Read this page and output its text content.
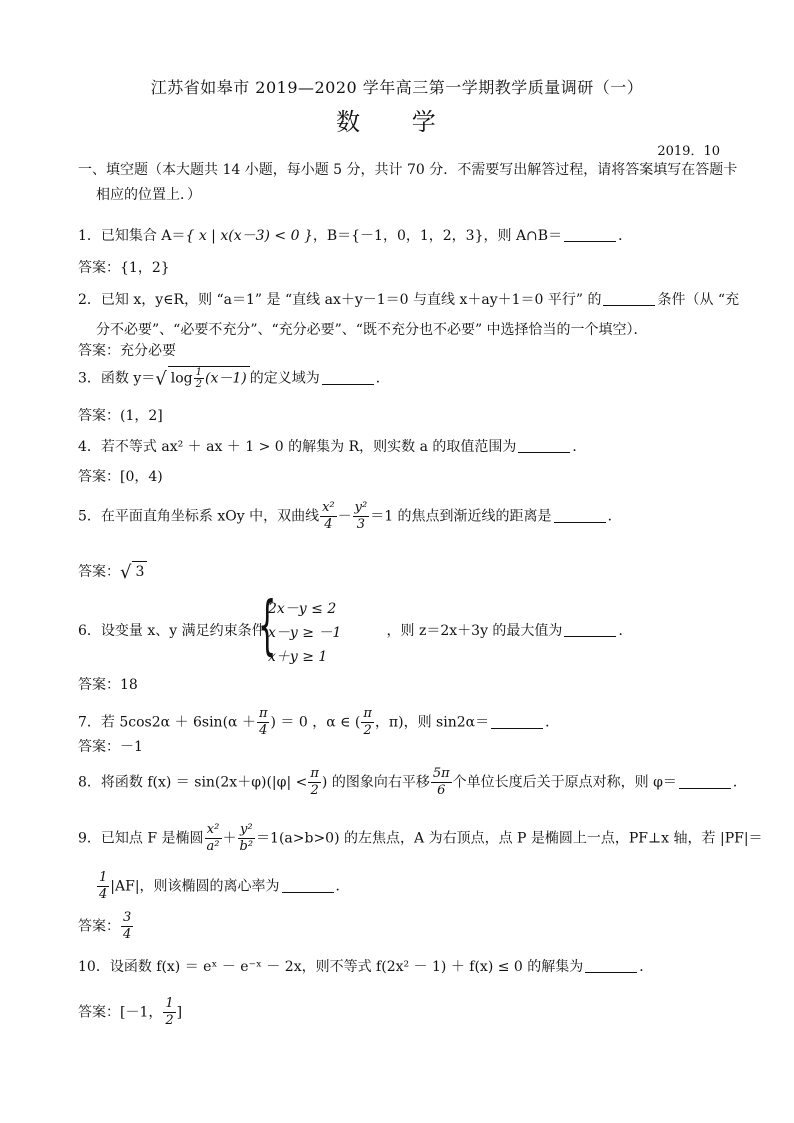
江苏省如皋市 2019—2020 学年高三第一学期教学质量调研（一）
数 学
2019．10
一、填空题（本大题共 14 小题，每小题 5 分，共计 70 分．不需要写出解答过程，请将答案填写在答题卡
相应的位置上．）
1．已知集合 A＝{ x | x(x－3) < 0 }，B＝{－1，0，1，2，3}，则 A∩B＝	．
答案：{1，2}
2．已知 x，y∈R，则 “a＝1” 是 “直线 ax＋y－1＝0 与直线 x＋ay＋1＝0 平行” 的	条件（从 “充
分不必要”、“必要不充分”、“充分必要”、“既不充分也不必要” 中选择恰当的一个填空）．
答案：充分必要
3．函数 y＝√ $\log \frac{1}{2} (x-1)$ 的定义域为	．
答案：(1，2]
4．若不等式 ax² ＋ ax ＋ 1 > 0 的解集为 R，则实数 a 的取值范围为	．
答案：[0，4)
5．在平面直角坐标系 xOy 中，双曲线 $\frac{\text{x²}}{4} - \frac{\text{y²}}{3} =1$ 的焦点到渐近线的距离是	．
答案：√ 3
6．设变量 x、y 满足约束条件	，则 z＝2x＋3y 的最大值为	．
{
2x－y ≤ 2
x－y ≥ －1
x＋y ≥ 1
答案：18
7．若 $5\cos 2\alpha + 6\sin(\alpha + \frac{\pi}{4}$ ) ＝ 0 ，α ∈ ( $\frac{\pi}{2}$ ，π)，则 sin2α＝	．
答案：－1
8．将函数 $f(x) = \sin(2x+\varphi)(|\varphi| < \frac{\pi}{2}$ ) 的图象向右平移 $\frac{5\pi}{6}$ 个单位长度后关于原点对称，则 φ＝	．
9．已知点 F 是椭圆 $\frac{\text{x²}}{\text{a²}} + \frac{\text{y²}}{\text{b²}} =1(a>b>0)$ 的左焦点，A 为右顶点，点 P 是椭圆上一点，PF⊥x 轴，若 |PF|＝
$\frac{1}{4} |AF|$，则该椭圆的离心率为	．
答案： $\frac{3}{4}$
10．设函数 f(x) ＝ eˣ － e⁻ˣ － 2x，则不等式 f(2x² － 1) ＋ f(x) ≤ 0 的解集为	．
答案：[－1， $\frac{1}{2}$ ]
